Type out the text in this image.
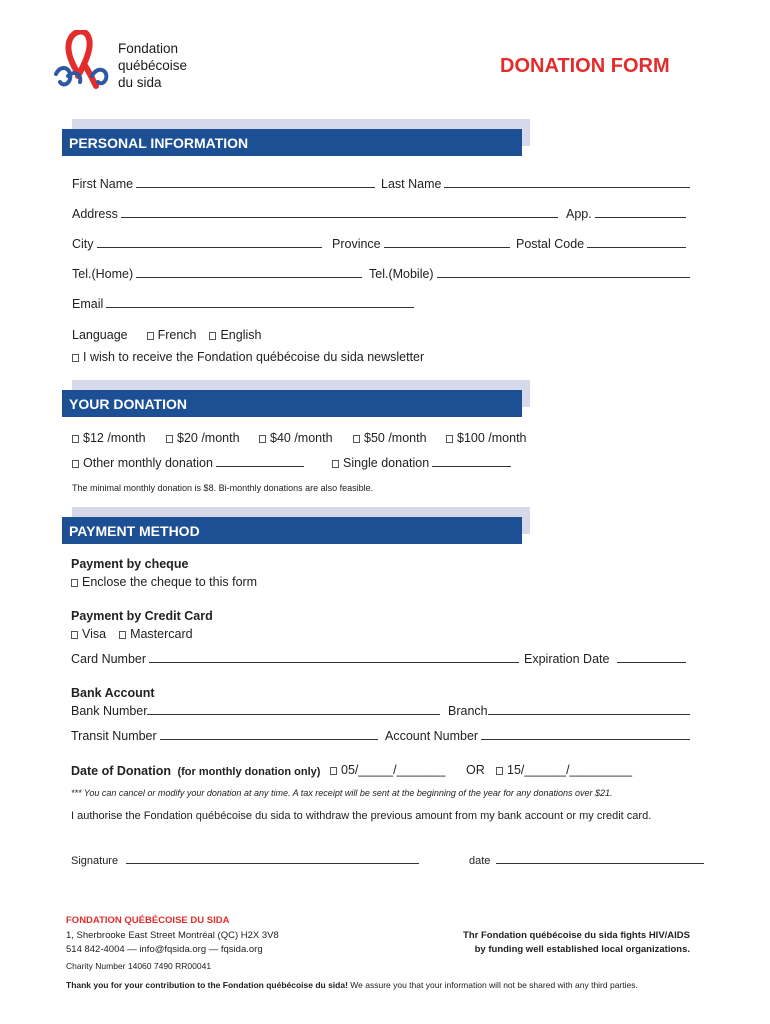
Fondation
québécoise
du sida
DONATION FORM
PERSONAL INFORMATION
First Name	Last Name
Address	App.
City	Province	Postal Code
Tel.(Home)	Tel.(Mobile)
Email
Language French English
I wish to receive the Fondation québécoise du sida newsletter
YOUR DONATION
$12 /month	$20 /month	$40 /month	$50 /month	$100 /month
Other monthly donation	Single donation
The minimal monthly donation is $8. Bi-monthly donations are also feasible.
PAYMENT METHOD
Payment by cheque
Enclose the cheque to this form
Payment by Credit Card
Visa Mastercard
Card Number	Expiration Date
Bank Account
Bank Number	Branch
Transit Number	Account Number
Date of Donation (for monthly donation only)	05/_____/_______ OR	15/______/_________
*** You can cancel or modify your donation at any time. A tax receipt will be sent at the beginning of the year for any donations over $21.
I authorise the Fondation québécoise du sida to withdraw the previous amount from my bank account or my credit card.
Signature	date
FONDATION QUÉBÉCOISE DU SIDA
1, Sherbrooke East Street Montréal (QC) H2X 3V8
514 842-4004 — info@fqsida.org — fqsida.org
Charity Number 14060 7490 RR00041
Thr Fondation québécoise du sida fights HIV/AIDS
by funding well established local organizations.
Thank you for your contribution to the Fondation québécoise du sida! We assure you that your information will not be shared with any third parties.
